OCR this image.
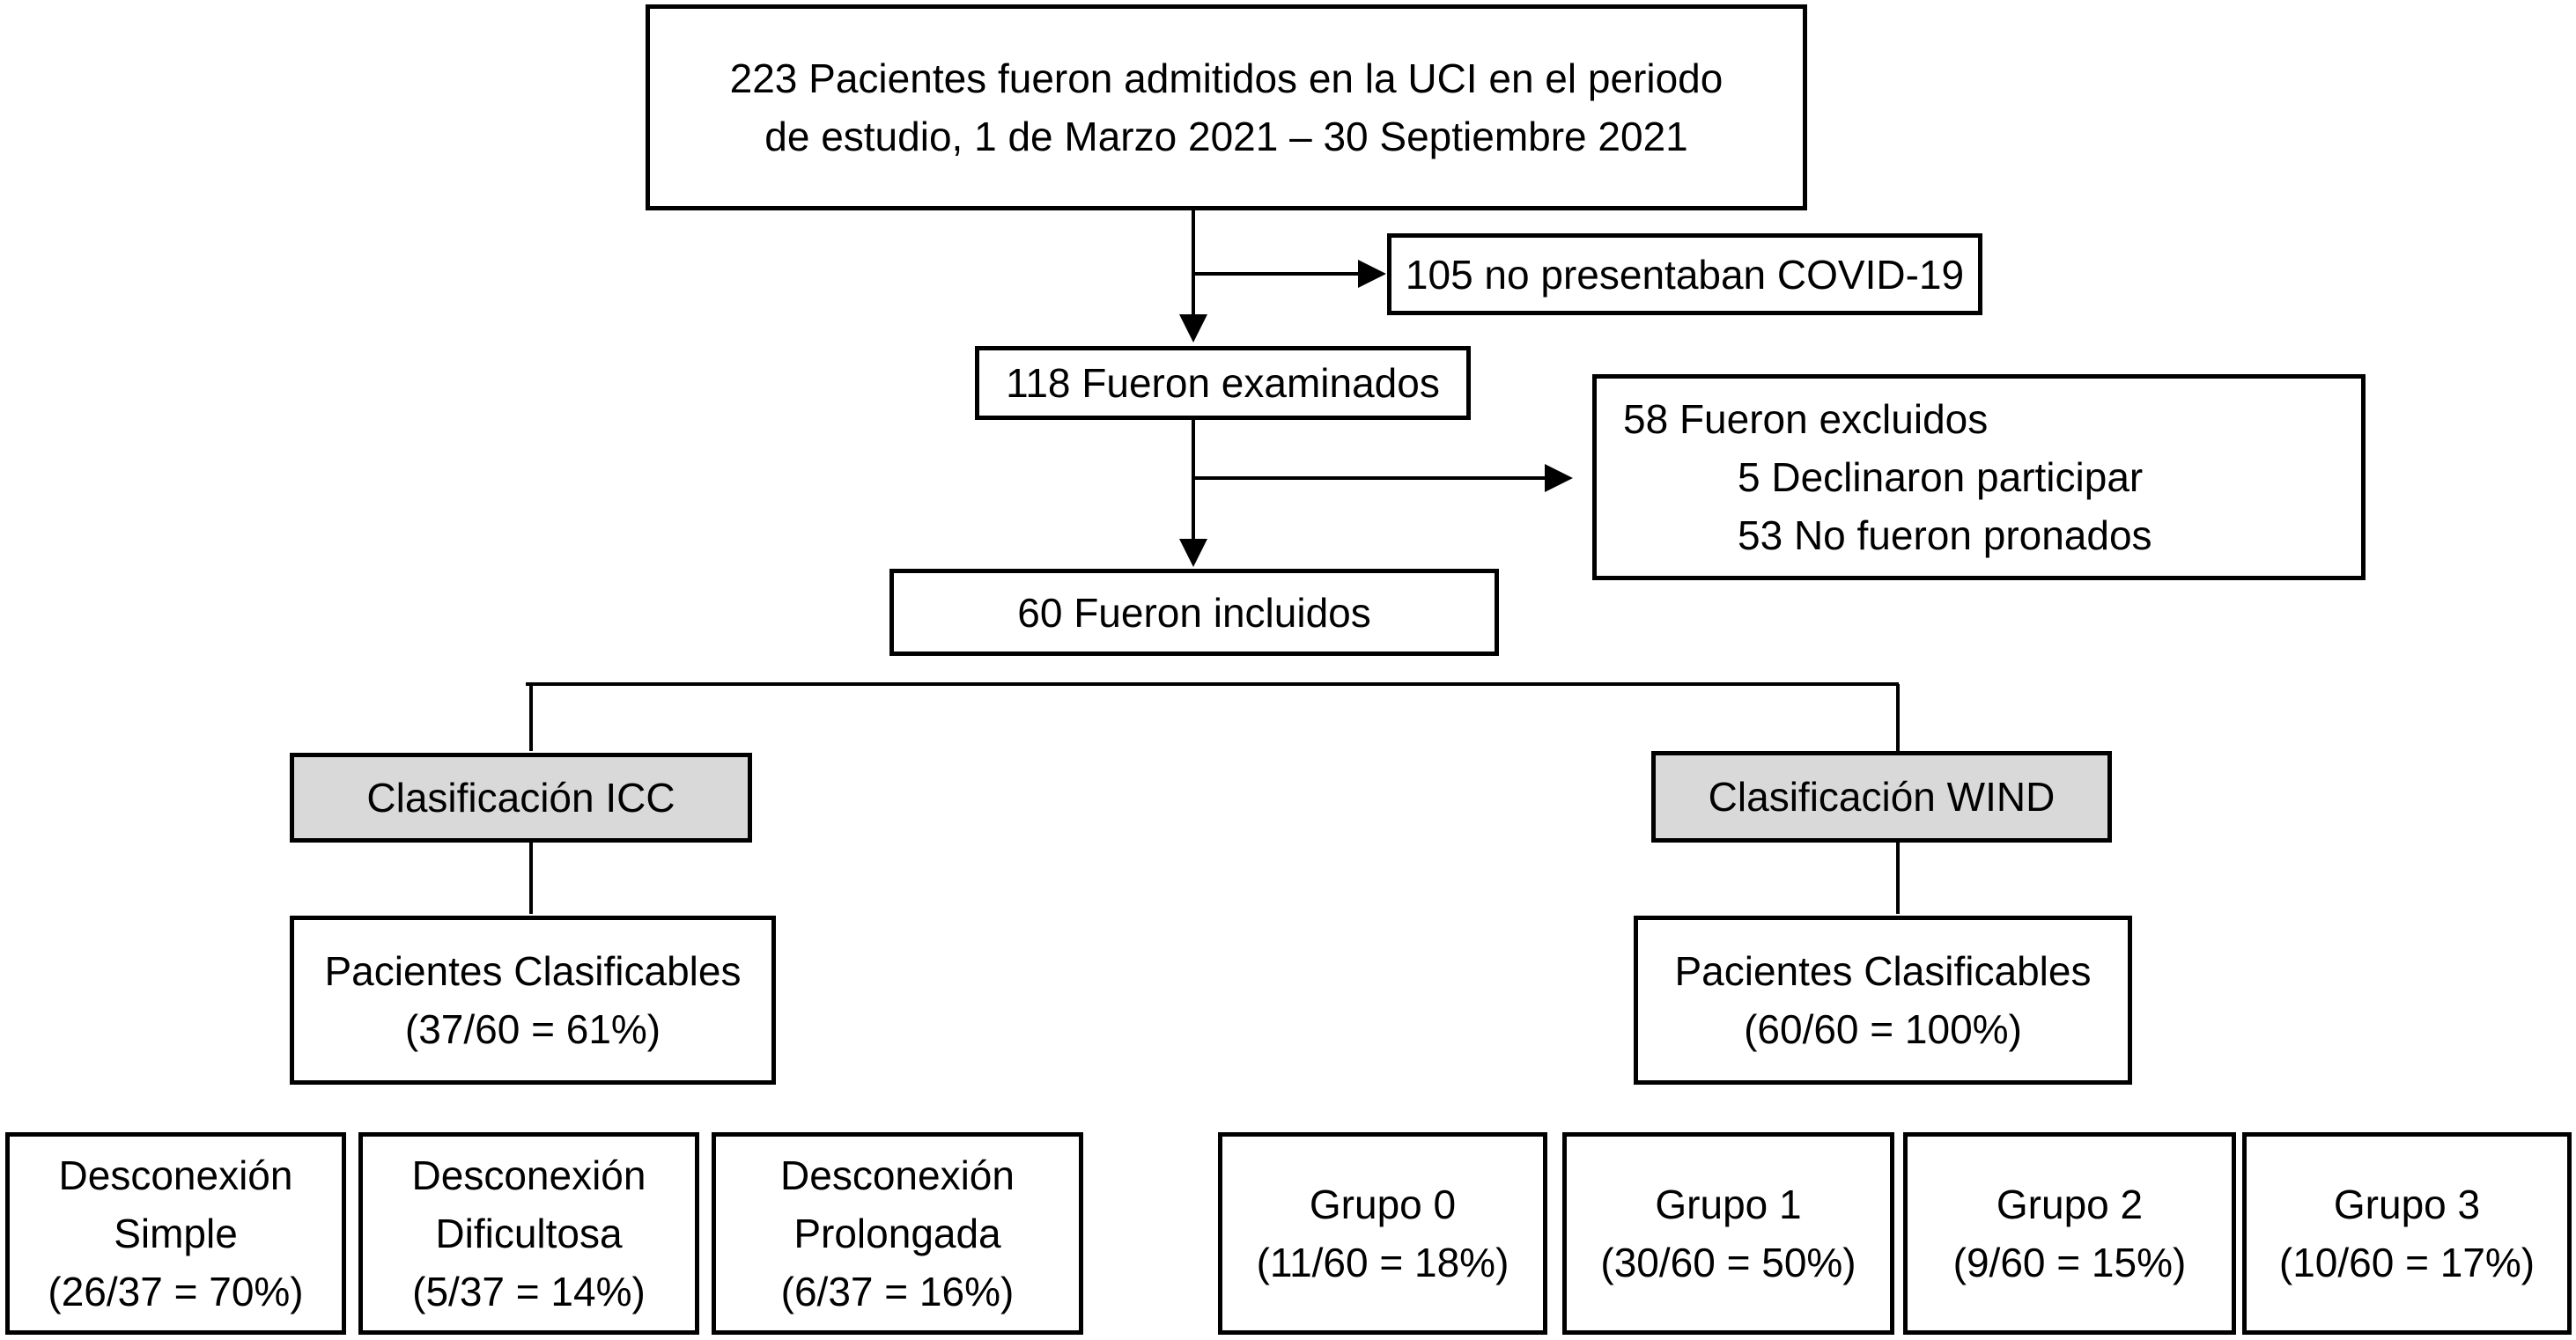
223 Pacientes fueron admitidos en la UCI en el periodo
de estudio, 1 de Marzo 2021 – 30 Septiembre 2021
105 no presentaban COVID-19
118 Fueron examinados
58 Fueron excluidos
5 Declinaron participar
53 No fueron pronados
60 Fueron incluidos
Clasificación ICC	Clasificación WIND
Pacientes Clasificables
(37/60 = 61%)
Pacientes Clasificables
(60/60 = 100%)
Desconexión
Simple
(26/37 = 70%)
Desconexión
Dificultosa
(5/37 = 14%)
Desconexión
Prolongada
(6/37 = 16%)
Grupo 0
(11/60 = 18%)
Grupo 1
(30/60 = 50%)
Grupo 2
(9/60 = 15%)
Grupo 3
(10/60 = 17%)
